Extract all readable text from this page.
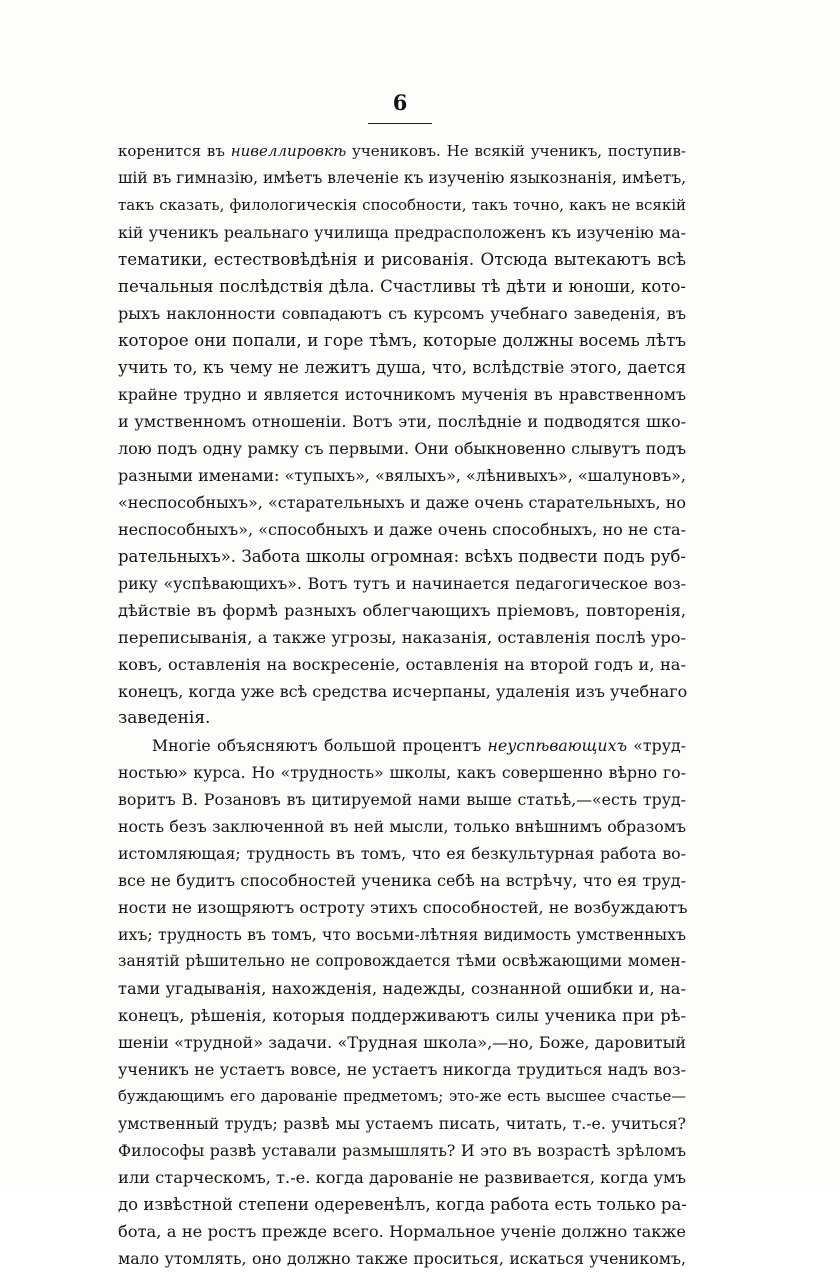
6
коренится въ нивеллировкѣ учениковъ. Не всякій ученикъ, поступив-
шій въ гимназію, имѣетъ влеченіе къ изученію языкознанія, имѣетъ,
такъ сказать, филологическія способности, такъ точно, какъ не всякій
кій ученикъ реальнаго училища предрасположенъ къ изученію ма-
тематики, естествовѣдѣнія и рисованія. Отсюда вытекаютъ всѣ
печальныя послѣдствія дѣла. Счастливы тѣ дѣти и юноши, кото-
рыхъ наклонности совпадаютъ съ курсомъ учебнаго заведенія, въ
которое они попали, и горе тѣмъ, которые должны восемь лѣтъ
учить то, къ чему не лежитъ душа, что, вслѣдствіе этого, дается
крайне трудно и является источникомъ мученія въ нравственномъ
и умственномъ отношеніи. Вотъ эти, послѣдніе и подводятся шко-
лою подъ одну рамку съ первыми. Они обыкновенно слывутъ подъ
разными именами: «тупыхъ», «вялыхъ», «лѣнивыхъ», «шалуновъ»,
«неспособныхъ», «старательныхъ и даже очень старательныхъ, но
неспособныхъ», «способныхъ и даже очень способныхъ, но не ста-
рательныхъ». Забота школы огромная: всѣхъ подвести подъ руб-
рику «успѣвающихъ». Вотъ тутъ и начинается педагогическое воз-
дѣйствіе въ формѣ разныхъ облегчающихъ пріемовъ, повторенія,
переписыванія, а также угрозы, наказанія, оставленія послѣ уро-
ковъ, оставленія на воскресеніе, оставленія на второй годъ и, на-
конецъ, когда уже всѣ средства исчерпаны, удаленія изъ учебнаго
заведенія.
Многіе объясняютъ большой процентъ неуспѣвающихъ «труд-
ностью» курса. Но «трудность» школы, какъ совершенно вѣрно го-
воритъ В. Розановъ въ цитируемой нами выше статьѣ,—«есть труд-
ность безъ заключенной въ ней мысли, только внѣшнимъ образомъ
истомляющая; трудность въ томъ, что ея безкультурная работа во-
все не будитъ способностей ученика себѣ на встрѣчу, что ея труд-
ности не изощряютъ остроту этихъ способностей, не возбуждаютъ
ихъ; трудность въ томъ, что восьми-лѣтняя видимость умственныхъ
занятій рѣшительно не сопровождается тѣми освѣжающими момен-
тами угадыванія, нахожденія, надежды, сознанной ошибки и, на-
конецъ, рѣшенія, которыя поддерживаютъ силы ученика при рѣ-
шеніи «трудной» задачи. «Трудная школа»,—но, Боже, даровитый
ученикъ не устаетъ вовсе, не устаетъ никогда трудиться надъ воз-
буждающимъ его дарованіе предметомъ; это-же есть высшее счастье—
умственный трудъ; развѣ мы устаемъ писать, читать, т.-е. учиться?
Философы развѣ уставали размышлять? И это въ возрастѣ зрѣломъ
или старческомъ, т.-е. когда дарованіе не развивается, когда умъ
до извѣстной степени одеревенѣлъ, когда работа есть только ра-
бота, а не ростъ прежде всего. Нормальное ученіе должно также
мало утомлять, оно должно также проситься, искаться ученикомъ,
